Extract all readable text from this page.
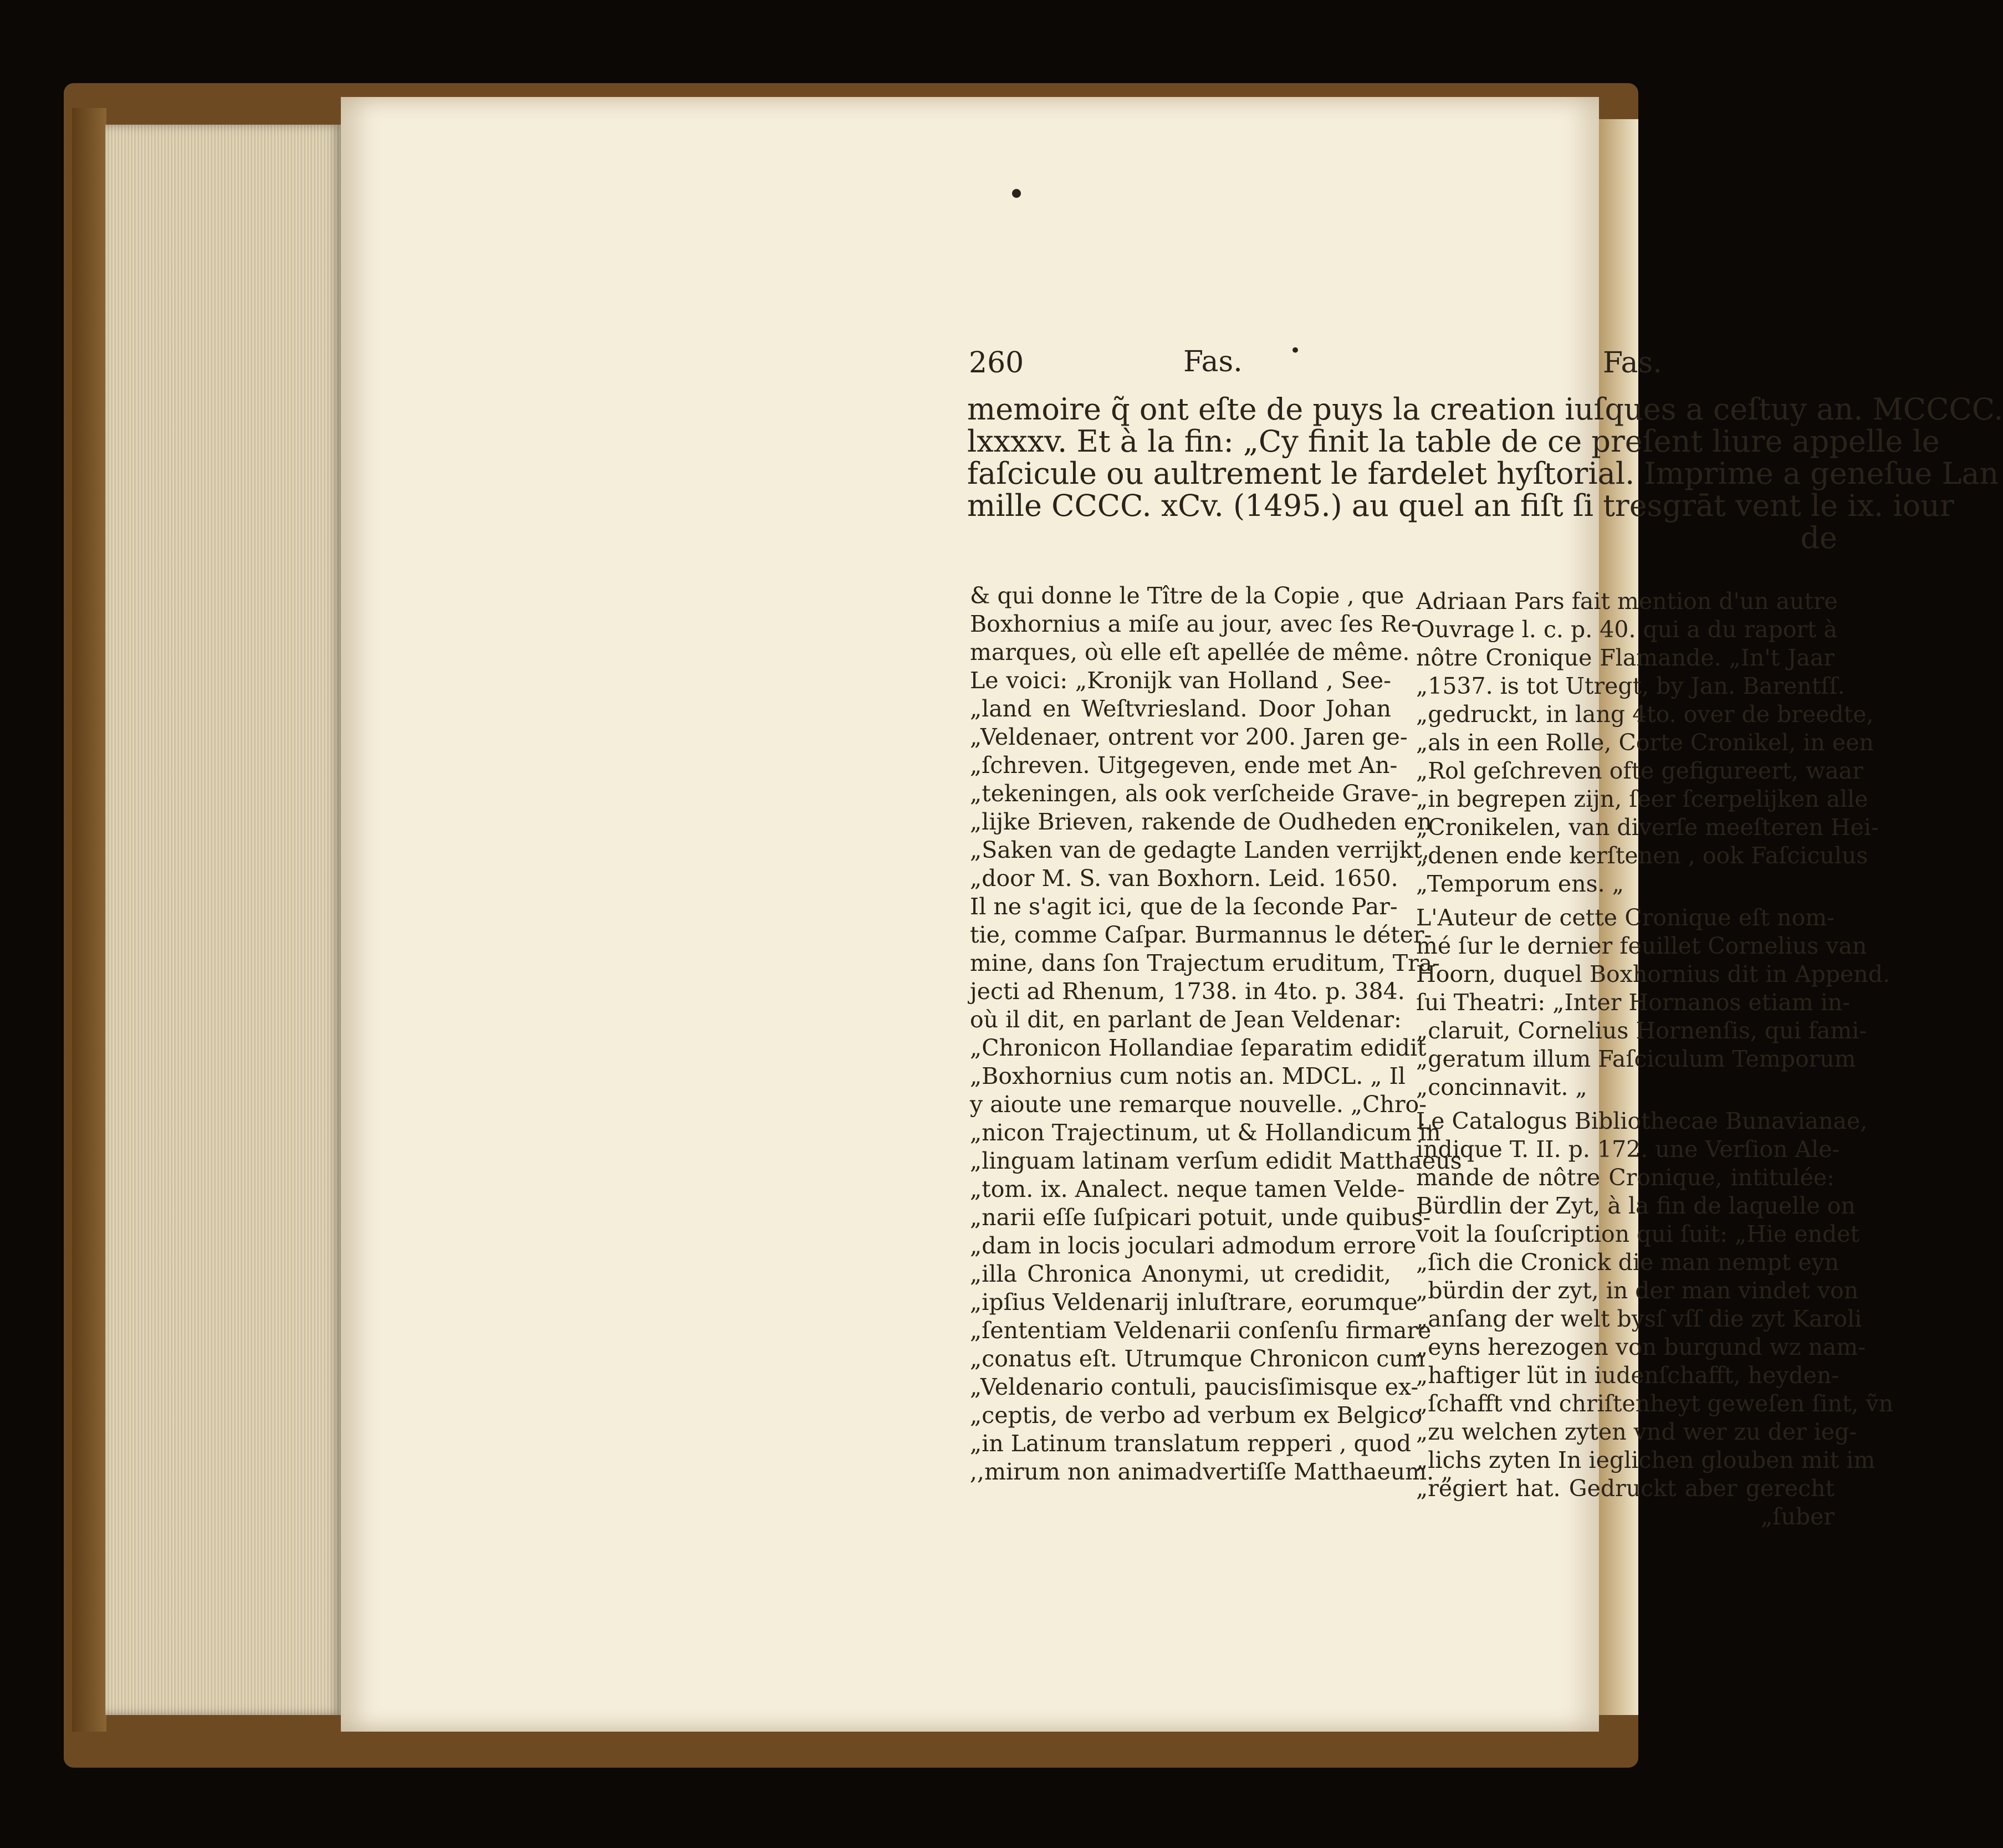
260	Fas.	•	Fas.
memoire q̃ ont eſte de puys la creation iuſques a ceſtuy an. MCCCC.
lxxxxv. Et à la fin: „Cy finit la table de ce preſent liure appelle le
faſcicule ou aultrement le fardelet hyſtorial. Imprime a geneſue Lan
mille CCCC. xCv. (1495.) au quel an fiſt ſi tresgrāt vent le ix. iour
de
& qui donne le Tître de la Copie , que
Boxhornius a miſe au jour, avec ſes Re-
marques, où elle eſt apellée de même.
Le voici: „Kronijk van Holland , See-
„land en Weſtvriesland. Door Johan
„Veldenaer, ontrent vor 200. Jaren ge-
„ſchreven. Uitgegeven, ende met An-
„tekeningen, als ook verſcheide Grave-
„lijke Brieven, rakende de Oudheden en
„Saken van de gedagte Landen verrijkt,
„door M. S. van Boxhorn. Leid. 1650.
Il ne s'agit ici, que de la ſeconde Par-
tie, comme Caſpar. Burmannus le déter-
mine, dans ſon Trajectum eruditum, Tra-
jecti ad Rhenum, 1738. in 4to. p. 384.
où il dit, en parlant de Jean Veldenar:
„Chronicon Hollandiae ſeparatim edidit
„Boxhornius cum notis an. MDCL. „ Il
y aioute une remarque nouvelle. „Chro-
„nicon Trajectinum, ut & Hollandicum in
„linguam latinam verſum edidit Matthaeus
„tom. ix. Analect. neque tamen Velde-
„narii eſſe ſuſpicari potuit, unde quibus-
„dam in locis joculari admodum errore
„illa Chronica Anonymi, ut credidit,
„ipſius Veldenarij inluſtrare, eorumque
„ſententiam Veldenarii conſenſu firmare
„conatus eſt. Utrumque Chronicon cum
„Veldenario contuli, paucisſimisque ex-
„ceptis, de verbo ad verbum ex Belgico
„in Latinum translatum repperi , quod
,,mirum non animadvertiſſe Matthaeum. „
Adriaan Pars fait mention d'un autre
Ouvrage l. c. p. 40. qui a du raport à
nôtre Cronique Flamande. „In't Jaar
„1537. is tot Utregt, by Jan. Barentſſ.
„gedruckt, in lang 4to. over de breedte,
„als in een Rolle, Corte Cronikel, in een
„Rol geſchreven ofte gefigureert, waar
„in begrepen zijn, ſeer ſcerpelijken alle
„Cronikelen, van diverſe meeſteren Hei-
„denen ende kerſtenen , ook Faſciculus
„Temporum ens. „
L'Auteur de cette Cronique eſt nom-
mé ſur le dernier feuillet Cornelius van
Hoorn, duquel Boxhornius dit in Append.
ſui Theatri: „Inter Hornanos etiam in-
„claruit, Cornelius Hornenſis, qui fami-
„geratum illum Faſciculum Temporum
„concinnavit. „
Le Catalogus Bibliothecae Bunavianae,
indique T. II. p. 172. une Verſion Ale-
mande de nôtre Cronique, intitulée:
Bürdlin der Zyt, à la fin de laquelle on
voit la ſouſcription qui ſuit: „Hie endet
„ſich die Cronick die man nempt eyn
„bürdin der zyt, in der man vindet von
„anſang der welt bysſ vſſ die zyt Karoli
„eyns herezogen von burgund wz nam-
„haftiger lüt in iudenſchafft, heyden-
„ſchafft vnd chriſtenheyt geweſen ſint, ṽn
„zu welchen zyten vnd wer zu der ieg-
„lichs zyten In ieglichen glouben mit im
„regiert hat. Gedruckt aber gerecht
„ſuber
